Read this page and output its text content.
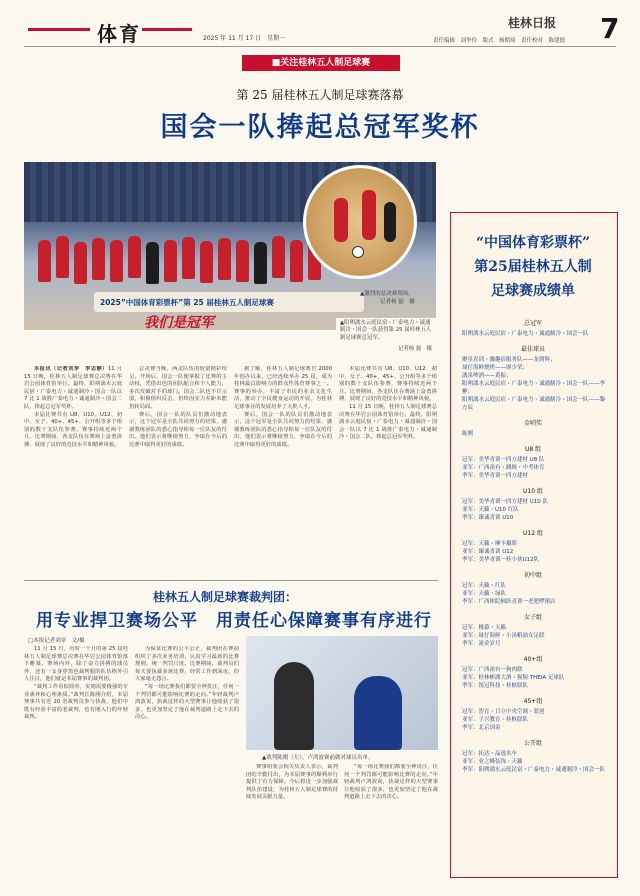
体育	2025 年 11 月 17 日　星期一
桂林日报 7
责任编辑　刘李伶　版式　杨期琦　责任校对　陈建德
■关注桂林五人制足球赛
第 25 届桂林五人制足球赛落幕
国会一队捧起总冠军奖杯
2025”中国体育彩票杯”第 25 届桂林五人制足球赛
我们是冠军
▲激烈的总决赛现场。
记者杨 磊　摄
▲阳朔漓水云庭民宿・广泰电力・诚通制冷・国会一队获得第 25 届桂林五人制足球赛总冠军。
记者杨 磊　摄

本报讯（记者刘李　李志静）11 月 15 日晚，桂林五人制足球赛总决赛在华岩公园体育馆举行。最终，阳朔漓水云庭民宿・广泰电力・诚通制冷・国会一队以 7 比 1 战胜广泰电力・诚通制冷・国会二队，捧起总冠军奖杯。

本届比赛共有 U8、U10、U12、初中、女子、40+、45+、公开组等多个组别的数十支队伍参赛，赛事持续近两个月。比赛期间，各支队伍在赛场上奋勇拼搏，展现了良好的竞技水平和精神风貌。

总决赛当晚，两支队伍的较量精彩纷呈。开场后，国会一队便掌握了比赛的主动权，凭借出色的团队配合和个人能力，多次攻破对手的球门。国会二队也不甘示弱，积极组织反击，但终因实力差距未能扭转局面。

赛后，国会一队的队员们激动地表示，这个冠军是全队共同努力的结果，感谢教练团队的悉心指导和每一位队友的付出。他们表示将继续努力，争取在今后的比赛中取得更好的成绩。

据了解，桂林五人制足球赛自 2000 年创办以来，已经连续举办 25 届，成为桂林最具影响力的群众性体育赛事之一。赛事的举办，丰富了市民的业余文化生活，推动了全民健身运动的开展，为桂林足球事业的发展培养了大批人才。

赛后，国会一队的队员们激动地表示，这个冠军是全队共同努力的结果，感谢教练团队的悉心指导和每一位队友的付出。他们表示将继续努力，争取在今后的比赛中取得更好的成绩。

本届比赛共有 U8、U10、U12、初中、女子、40+、45+、公开组等多个组别的数十支队伍参赛，赛事持续近两个月。比赛期间，各支队伍在赛场上奋勇拼搏，展现了良好的竞技水平和精神风貌。

11 月 15 日晚，桂林五人制足球赛总决赛在华岩公园体育馆举行。最终，阳朔漓水云庭民宿・广泰电力・诚通制冷・国会一队以 7 比 1 战胜广泰电力・诚通制冷・国会二队，捧起总冠军奖杯。

桂林五人制足球赛裁判团：
用专业捍卫赛场公平　用责任心保障赛事有序进行
□本报记者刘章　文/摄

11 月 15 日，历时一个月的第 25 届桂林五人制足球赛总决赛在华岩公园体育馆落下帷幕。赛场内外，除了奋力拼搏的球员外，还有一支身穿黑色裁判服的队伍格外引人注目，他们就是本届赛事的裁判团。

“裁判工作看似简单，实则需要极强的专业素养和心理素质。”裁判长陈刚介绍，本届赛事共有近 20 名裁判员参与执裁，他们中既有经验丰富的老裁判，也有刚入行的年轻裁判。

为保证比赛的公平公正，裁判团在赛前组织了多次业务培训，认真学习最新的比赛规则，统一判罚尺度。比赛期间，裁判员们每天要执裁多场比赛，经常工作到深夜，但大家毫无怨言。

“每一场比赛我们都要全神贯注，任何一个判罚都可能影响比赛的走向。”年轻裁判卢鸿波说，执裁这样的大型赛事让他收获了很多，也更加坚定了他在裁判道路上走下去的决心。

▲裁判陈刚（左）、卢鸿波赛前做对球员名单。

赛事组委会相关负责人表示，裁判团的辛勤付出，为本届赛事的顺利举行提供了有力保障。今后将进一步加强裁判队伍建设，为桂林五人制足球赛的持续发展贡献力量。

“每一场比赛我们都要全神贯注，任何一个判罚都可能影响比赛的走向。”年轻裁判卢鸿波说，执裁这样的大型赛事让他收获了很多，也更加坚定了他在裁判道路上走下去的决心。

“中国体育彩票杯”
第25届桂林五人制
足球赛成绩单
总冠军
阳朔漓水云庭民宿・广泰电力・诚通制冷・国会一队
最佳球员
聚星青训・骤趣宿服务队——龙朝辉；
晟仔海鲜烧烤——廖少荣；
漓泉啤酒——黄振；
阳朔漓水云庭民宿・广泰电力・诚通制冷・国会一队——李翀；
阳朔漓水云庭民宿・广泰电力・诚通制冷・国会一队——黎方辰
金哨奖
陈刚
U8 组
冠军：美华青训一四方建材 U8 队
亚军：广西祖有・跳绳・中考体育
季军：美华青训一四方建材
U10 组
冠军：美华青训一四方建材 U10 队
亚军：天籁・U10 红队
季军：臻诚青训 U10
U12 组
冠军：天籁・摩卡摄影
亚军：臻诚青训 U12
季军：美华青训一桂小侠U12队
初中组
冠军：天籁・红队
亚军：天籁・绿队
季军：广西体院枫跃青训一老肥啰猪店
女子组
冠军：桃幕・天籁
亚军：晟仔海鲜・小汤粮油女足联
季军：流金岁月
40+组
冠军：广西祖有一狗肉联
亚军：桂林彬湖大酒・猩猩 THEIA 足球队
季军：锐冠科技・桂枢联队
45+组
冠军：智育・日立中央空调・蓝创
亚军：子兴教育・桂枢联队
季军：北京国金
公开组
冠军：拓达・品逸名车
亚军：业之峰装饰・天籁
季军：阳朔漓水云庭民宿・广泰电力・诚通制冷・国会一队
